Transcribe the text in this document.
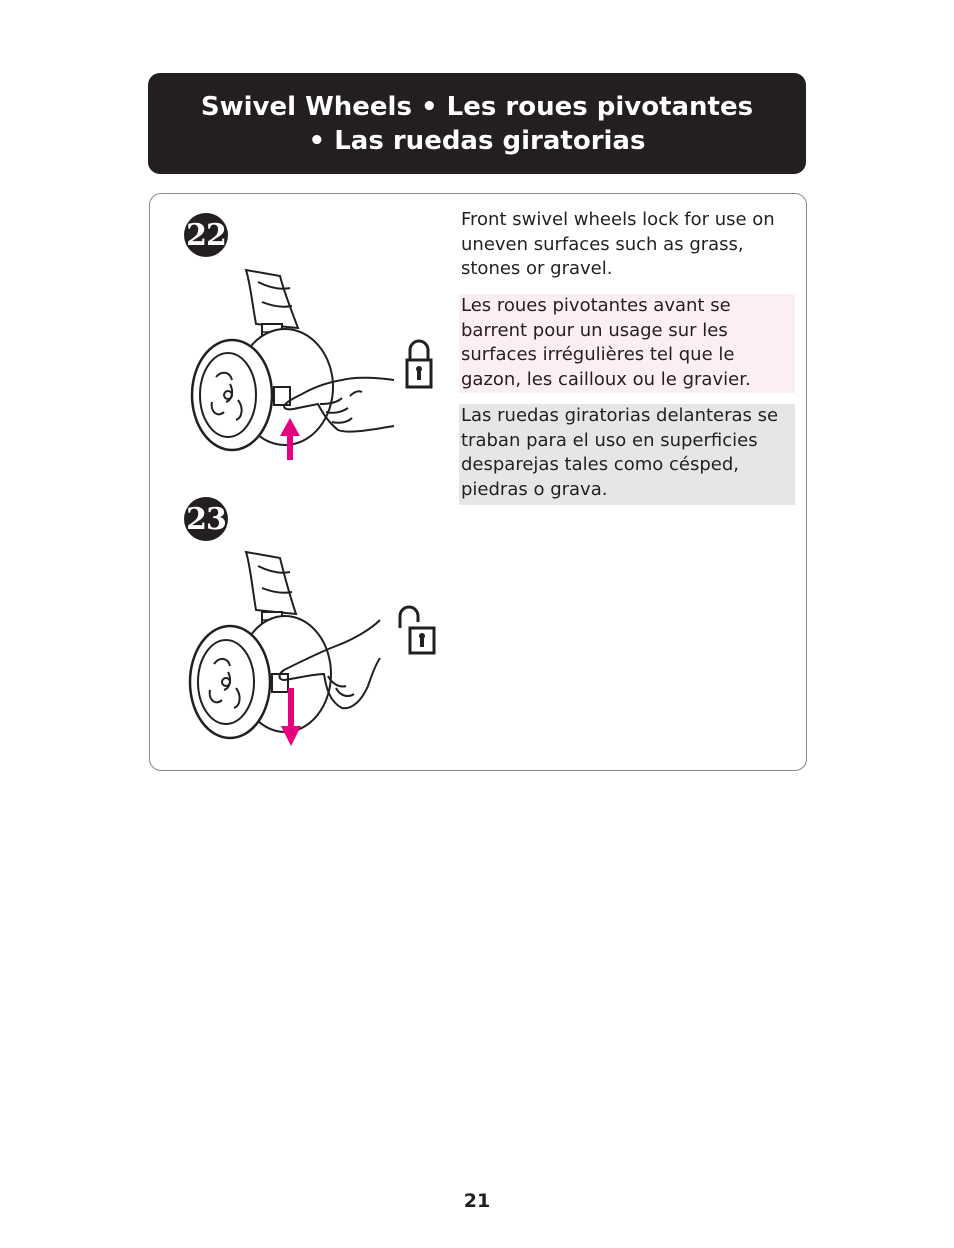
Swivel Wheels • Les roues pivotantes
• Las ruedas giratorias
22
23
Front swivel wheels lock for use on uneven surfaces such as grass, stones or gravel.
Les roues pivotantes avant se barrent pour un usage sur les surfaces irrégulières tel que le gazon, les cailloux ou le gravier.
Las ruedas giratorias delanteras se traban para el uso en superficies desparejas tales como césped, piedras o grava.
21
